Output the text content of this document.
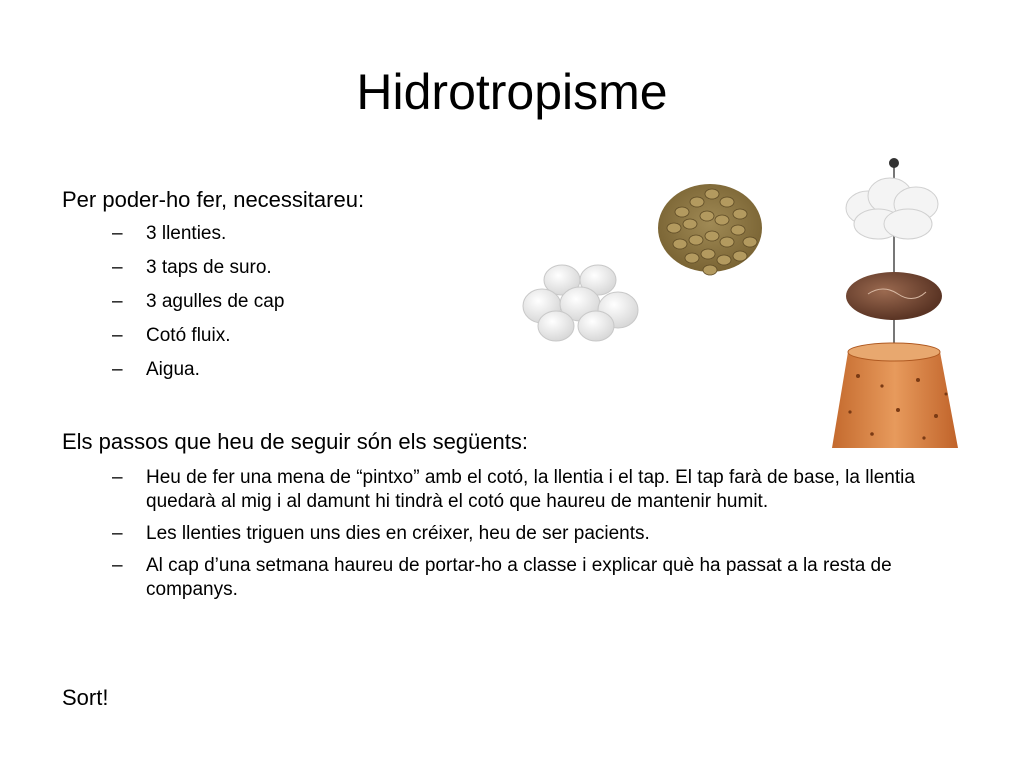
Hidrotropisme

Per poder-ho fer, necessitareu:

– 3 llenties.
– 3 taps de suro.
– 3 agulles de cap
– Cotó fluix.
– Aigua.

Els passos que heu de seguir són els següents:

– Heu de fer una mena de “pintxo” amb el cotó, la llentia i el tap. El tap farà de base, la llentia quedarà al mig i al damunt hi tindrà el cotó que haureu de mantenir humit.
– Les llenties triguen uns dies en créixer, heu de ser pacients.
– Al cap d’una setmana haureu de portar-ho a classe i explicar què ha passat a la resta de companys.

Sort!
